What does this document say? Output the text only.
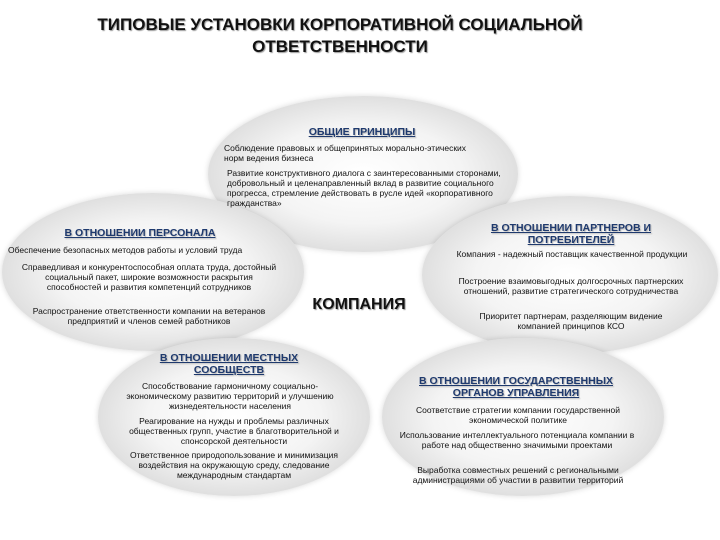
ТИПОВЫЕ УСТАНОВКИ КОРПОРАТИВНОЙ СОЦИАЛЬНОЙ ОТВЕТСТВЕННОСТИ
ОБЩИЕ ПРИНЦИПЫ
Соблюдение правовых и общепринятых морально-этических норм ведения бизнеса
Развитие конструктивного диалога с заинтересованными сторонами, добровольный и целенаправленный вклад в развитие социального прогресса, стремление действовать в русле идей «корпоративного гражданства»
В ОТНОШЕНИИ ПЕРСОНАЛА
Обеспечение безопасных методов работы и условий труда
Справедливая и конкурентоспособная оплата труда, достойный социальный пакет, широкие возможности раскрытия способностей и развития компетенций сотрудников
Распространение ответственности компании на ветеранов предприятий и членов семей работников
В ОТНОШЕНИИ ПАРТНЕРОВ И ПОТРЕБИТЕЛЕЙ
Компания - надежный поставщик качественной продукции
Построение взаимовыгодных долгосрочных партнерских отношений, развитие стратегического сотрудничества
Приоритет партнерам, разделяющим видение компанией принципов КСО
КОМПАНИЯ
В ОТНОШЕНИИ МЕСТНЫХ СООБЩЕСТВ
Способствование гармоничному социально-экономическому развитию территорий и улучшению жизнедеятельности населения
Реагирование на нужды и проблемы различных общественных групп, участие в благотворительной и спонсорской деятельности
Ответственное природопользование и минимизация воздействия на окружающую среду, следование международным стандартам
В ОТНОШЕНИИ ГОСУДАРСТВЕННЫХ ОРГАНОВ УПРАВЛЕНИЯ
Соответствие стратегии компании государственной экономической политике
Использование интеллектуального потенциала компании в работе над общественно значимыми проектами
Выработка совместных решений с региональными администрациями об участии в развитии территорий
